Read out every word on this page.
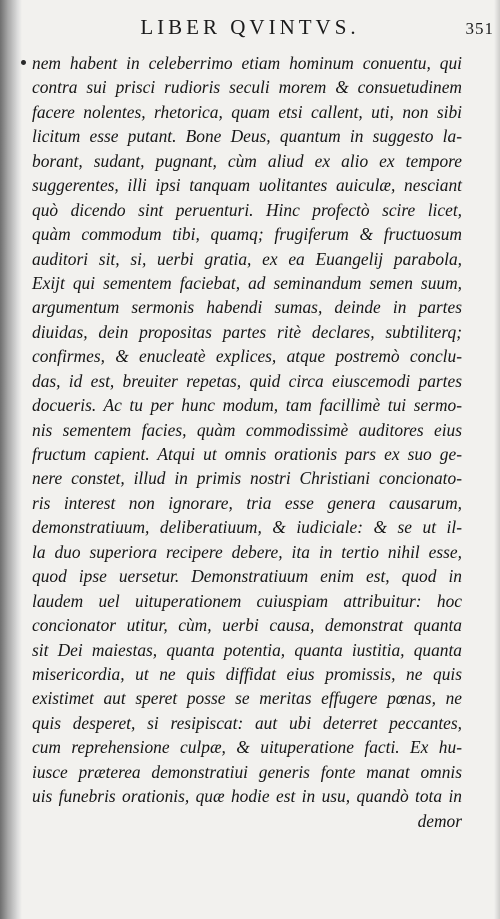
LIBER QVINTVS.	351
nem habent in celeberrimo etiam hominum conuentu, qui
contra sui prisci rudioris seculi morem & consuetudinem
facere nolentes, rhetorica, quam etsi callent, uti, non sibi
licitum esse putant. Bone Deus, quantum in suggesto la-
borant, sudant, pugnant, cùm aliud ex alio ex tempore
suggerentes, illi ipsi tanquam uolitantes auiculæ, nesciant
quò dicendo sint peruenturi. Hinc profectò scire licet,
quàm commodum tibi, quamq; frugiferum & fructuosum
auditori sit, si, uerbi gratia, ex ea Euangelij parabola,
Exijt qui sementem faciebat, ad seminandum semen suum,
argumentum sermonis habendi sumas, deinde in partes
diuidas, dein propositas partes ritè declares, subtiliterq;
confirmes, & enucleatè explices, atque postremò conclu-
das, id est, breuiter repetas, quid circa eiuscemodi partes
docueris. Ac tu per hunc modum, tam facillimè tui sermo-
nis sementem facies, quàm commodissimè auditores eius
fructum capient. Atqui ut omnis orationis pars ex suo ge-
nere constet, illud in primis nostri Christiani concionato-
ris interest non ignorare, tria esse genera causarum,
demonstratiuum, deliberatiuum, & iudiciale: & se ut il-
la duo superiora recipere debere, ita in tertio nihil esse,
quod ipse uersetur. Demonstratiuum enim est, quod in
laudem uel uituperationem cuiuspiam attribuitur: hoc
concionator utitur, cùm, uerbi causa, demonstrat quanta
sit Dei maiestas, quanta potentia, quanta iustitia, quanta
misericordia, ut ne quis diffidat eius promissis, ne quis
existimet aut speret posse se meritas effugere pœnas, ne
quis desperet, si resipiscat: aut ubi deterret peccantes,
cum reprehensione culpæ, & uituperatione facti. Ex hu-
iusce præterea demonstratiui generis fonte manat omnis
uis funebris orationis, quæ hodie est in usu, quandò tota in
demor
